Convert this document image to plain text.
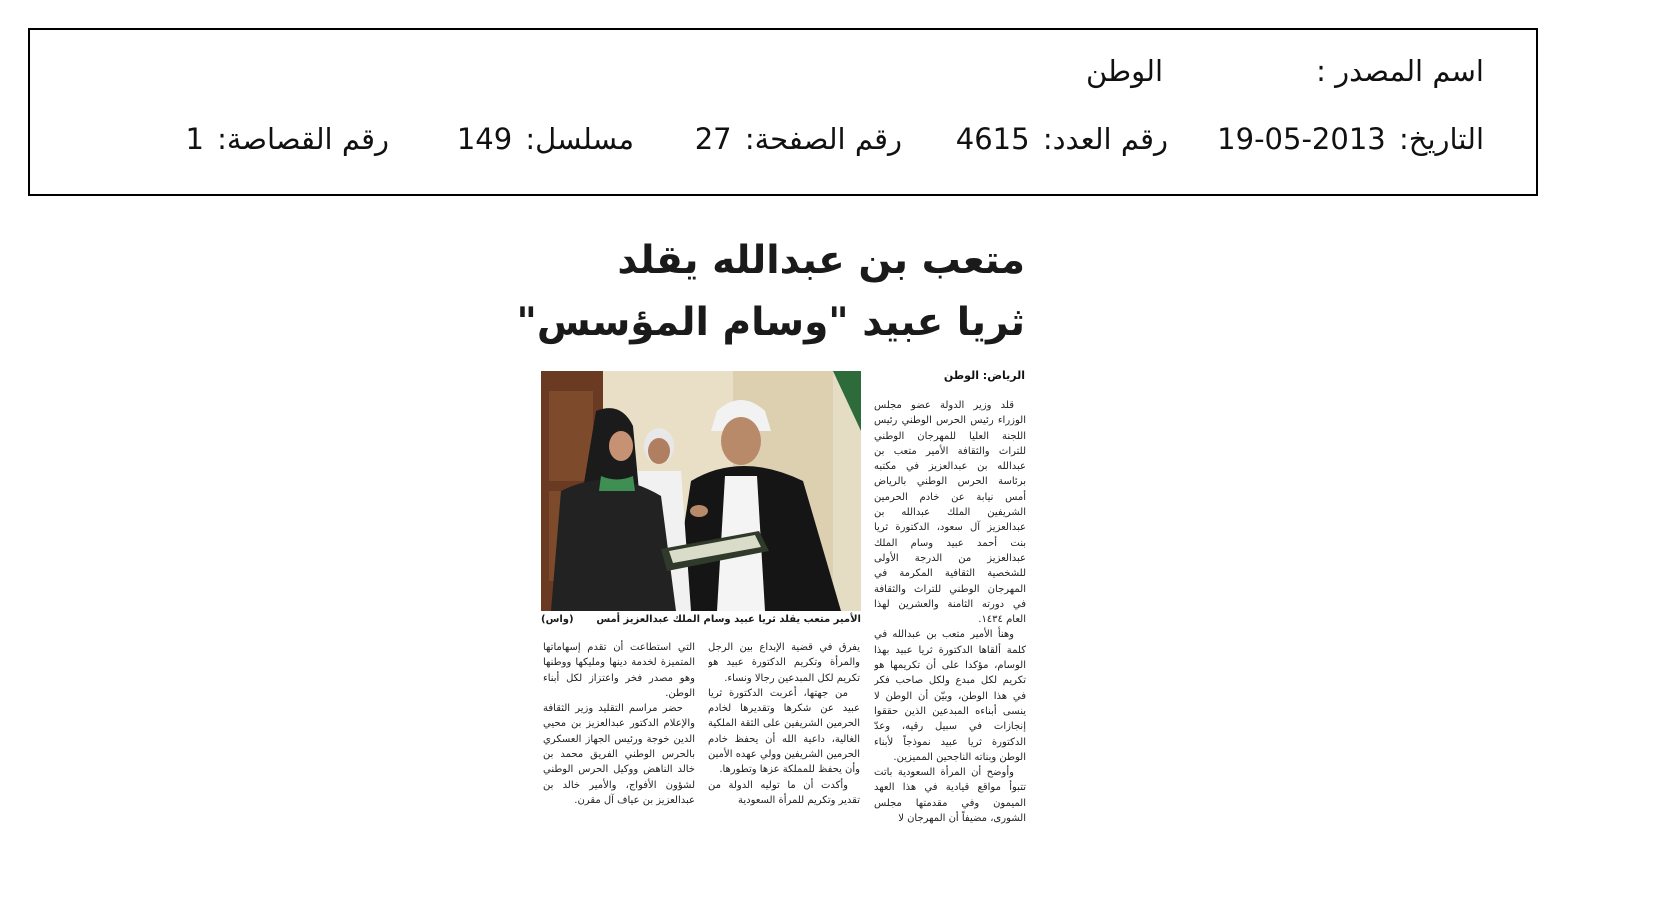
اسم المصدر :
الوطن
التاريخ: 2013-05-19
رقم العدد: 4615
رقم الصفحة: 27
مسلسل: 149
رقم القصاصة: 1
متعب بن عبدالله يقلد
ثريا عبيد "وسام المؤسس"
الرياض: الوطن
الأمير متعب يقلد ثريا عبيد وسام الملك عبدالعزيز أمس
(واس)

قلد وزير الدولة عضو مجلس الوزراء رئيس الحرس الوطني رئيس اللجنة العليا للمهرجان الوطني للتراث والثقافة الأمير متعب بن عبدالله بن عبدالعزيز في مكتبه برئاسة الحرس الوطني بالرياض أمس نيابة عن خادم الحرمين الشريفين الملك عبدالله بن عبدالعزيز آل سعود، الدكتورة ثريا بنت أحمد عبيد وسام الملك عبدالعزيز من الدرجة الأولى للشخصية الثقافية المكرمة في المهرجان الوطني للتراث والثقافة في دورته الثامنة والعشرين لهذا العام ١٤٣٤.

وهنأ الأمير متعب بن عبدالله في كلمة ألقاها الدكتورة ثريا عبيد بهذا الوسام، مؤكدا على أن تكريمها هو تكريم لكل مبدع ولكل صاحب فكر في هذا الوطن، وبيّن أن الوطن لا ينسى أبناءه المبدعين الذين حققوا إنجازات في سبيل رقيه، وعدّ الدكتورة ثريا عبيد نموذجاً لأبناء الوطن وبناته الناجحين المميزين.

وأوضح أن المرأة السعودية باتت تتبوأ مواقع قيادية في هذا العهد الميمون وفي مقدمتها مجلس الشورى، مضيفاً أن المهرجان لا

يفرق في قضية الإبداع بين الرجل والمرأة وتكريم الدكتورة عبيد هو تكريم لكل المبدعين رجالا ونساء.

من جهتها، أعربت الدكتورة ثريا عبيد عن شكرها وتقديرها لخادم الحرمين الشريفين على الثقة الملكية الغالية، داعية الله أن يحفظ خادم الحرمين الشريفين وولي عهده الأمين وأن يحفظ للمملكة عزها وتطورها.

وأكدت أن ما توليه الدولة من تقدير وتكريم للمرأة السعودية

التي استطاعت أن تقدم إسهاماتها المتميزة لخدمة دينها ومليكها ووطنها وهو مصدر فخر واعتزاز لكل أبناء الوطن.

حضر مراسم التقليد وزير الثقافة والإعلام الدكتور عبدالعزيز بن محيي الدين خوجة ورئيس الجهاز العسكري بالحرس الوطني الفريق محمد بن خالد الناهض ووكيل الحرس الوطني لشؤون الأفواج، والأمير خالد بن عبدالعزيز بن عياف آل مقرن.
